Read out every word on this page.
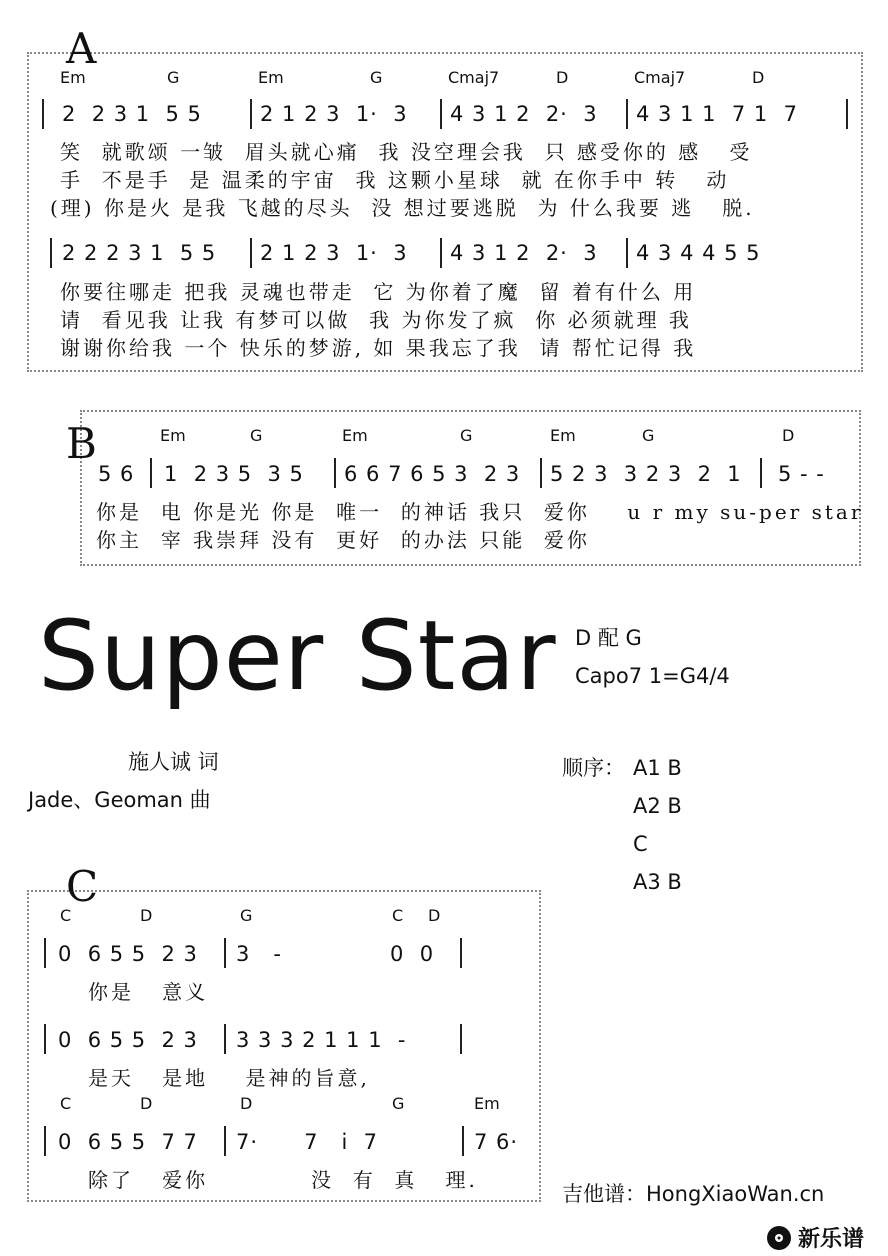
A
Em	G	Em	G	Cmaj7	D	Cmaj7	D
2  2 3 1  5 5	2 1 2 3  1·  3 4 3 1 2  2·  3 4 3 1 1  7 1  7
笑  就歌颂 一皱  眉头就心痛  我 没空理会我  只 感受你的 感   受
手  不是手  是 温柔的宇宙  我 这颗小星球  就 在你手中 转   动
(理) 你是火 是我 飞越的尽头  没 想过要逃脱  为 什么我要 逃   脱.
2 2 2 3 1  5 5 2 1 2 3  1·  3 4 3 1 2  2·  3 4 3 4 4 5 5
你要往哪走 把我 灵魂也带走  它 为你着了魔  留 着有什么 用
请  看见我 让我 有梦可以做  我 为你发了疯  你 必须就理 我
谢谢你给我 一个 快乐的梦游, 如 果我忘了我  请 帮忙记得 我
B	Em	G	Em	G	Em	G	D
5 6 1  2 3 5  3 5 6 6 7 6 5 3  2 3 5 2 3  3 2 3  2  1 5 - -
你是  电 你是光 你是  唯一  的神话 我只  爱你    u r my su-per star
你主  宰 我崇拜 没有  更好  的办法 只能  爱你
Super Star D 配 G
Capo7 1=G4/4
施人诚 词
Jade、Geoman 曲
顺序： A1 B
A2 B
C
A3 B
C
C	D	G	C D
0  6 5 5  2 3 3   -	0  0
你是   意义
0  6 5 5  2 3 3 3 3 2 1 1 1  -
是天   是地    是神的旨意,
C	D	D	G	Em
0  6 5 5  7 7 7·      7   i  7	7 6·
除了   爱你           没  有  真   理.
吉他谱：HongXiaoWan.cn
新乐谱
